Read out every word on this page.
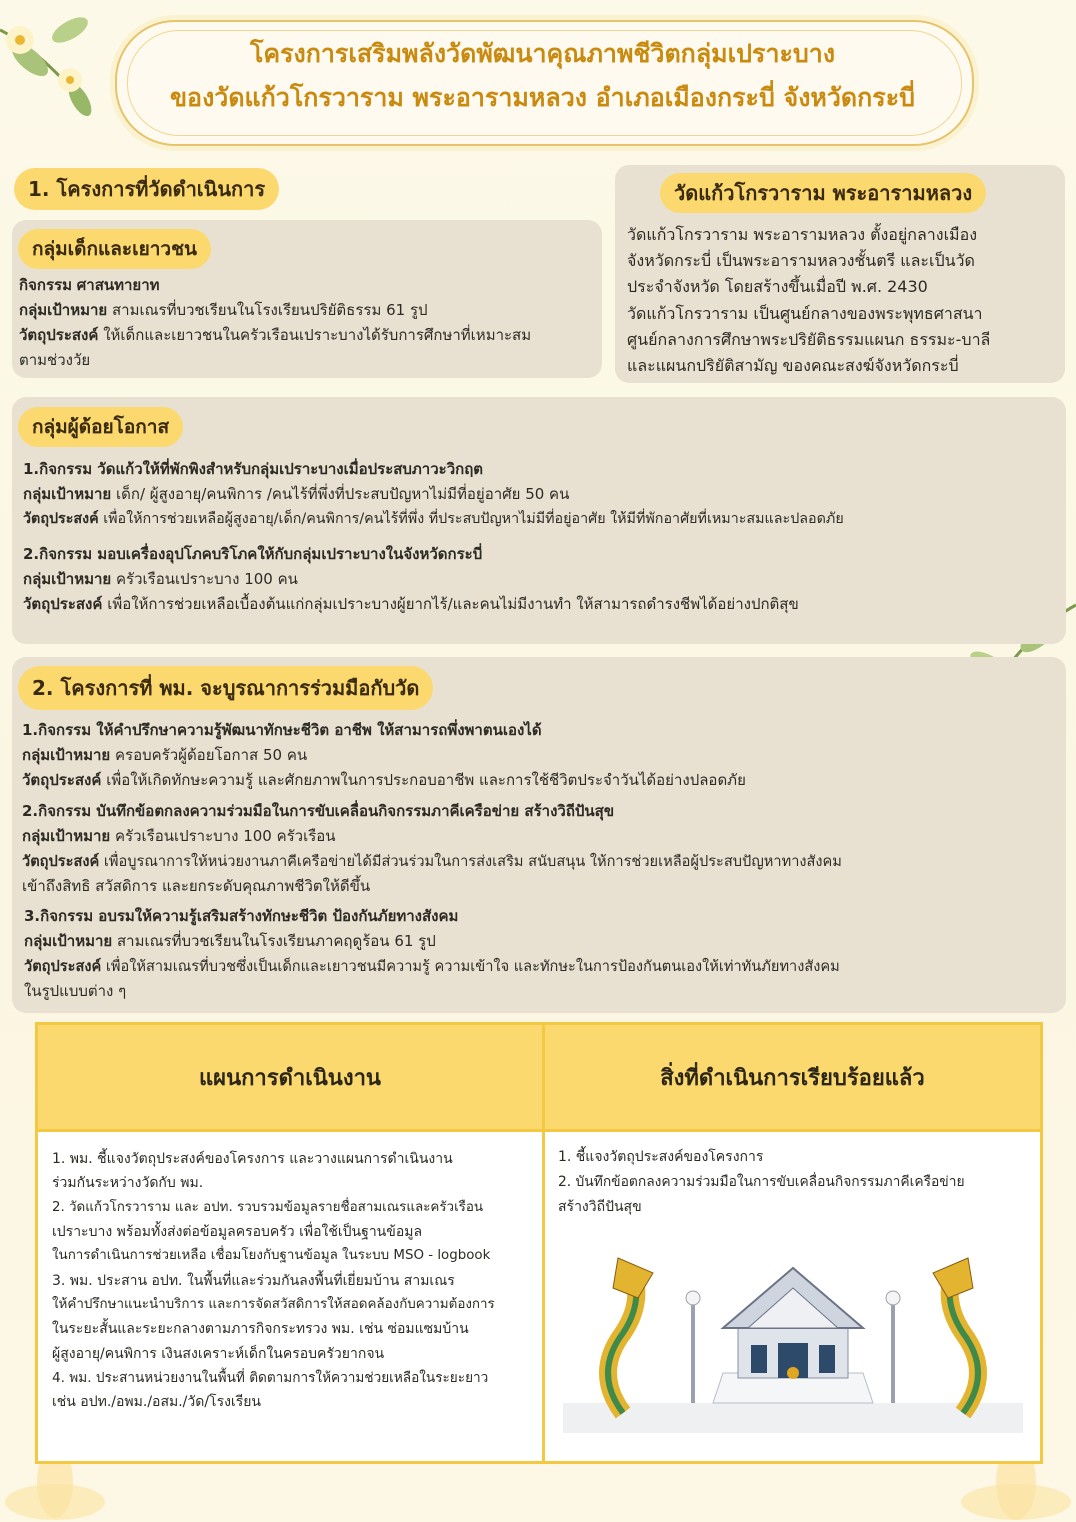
โครงการเสริมพลังวัดพัฒนาคุณภาพชีวิตกลุ่มเปราะบาง
ของวัดแก้วโกรวาราม พระอารามหลวง อำเภอเมืองกระบี่ จังหวัดกระบี่
1. โครงการที่วัดดำเนินการ
กลุ่มเด็กและเยาวชน
กิจกรรม ศาสนทายาท
กลุ่มเป้าหมาย สามเณรที่บวชเรียนในโรงเรียนปริยัติธรรม 61 รูป
วัตถุประสงค์ ให้เด็กและเยาวชนในครัวเรือนเปราะบางได้รับการศึกษาที่เหมาะสม
ตามช่วงวัย
วัดแก้วโกรวาราม พระอารามหลวง
วัดแก้วโกรวาราม พระอารามหลวง ตั้งอยู่กลางเมือง
จังหวัดกระบี่ เป็นพระอารามหลวงชั้นตรี และเป็นวัด
ประจำจังหวัด โดยสร้างขึ้นเมื่อปี พ.ศ. 2430
วัดแก้วโกรวาราม เป็นศูนย์กลางของพระพุทธศาสนา
ศูนย์กลางการศึกษาพระปริยัติธรรมแผนก ธรรมะ-บาลี
และแผนกปริยัติสามัญ ของคณะสงฆ์จังหวัดกระบี่
กลุ่มผู้ด้อยโอกาส
1.กิจกรรม วัดแก้วให้ที่พักพิงสำหรับกลุ่มเปราะบางเมื่อประสบภาวะวิกฤต
กลุ่มเป้าหมาย เด็ก/ ผู้สูงอายุ/คนพิการ /คนไร้ที่พึ่งที่ประสบปัญหาไม่มีที่อยู่อาศัย 50 คน
วัตถุประสงค์ เพื่อให้การช่วยเหลือผู้สูงอายุ/เด็ก/คนพิการ/คนไร้ที่พึ่ง ที่ประสบปัญหาไม่มีที่อยู่อาศัย ให้มีที่พักอาศัยที่เหมาะสมและปลอดภัย
2.กิจกรรม มอบเครื่องอุปโภคบริโภคให้กับกลุ่มเปราะบางในจังหวัดกระบี่
กลุ่มเป้าหมาย ครัวเรือนเปราะบาง 100 คน
วัตถุประสงค์ เพื่อให้การช่วยเหลือเบื้องต้นแก่กลุ่มเปราะบางผู้ยากไร้/และคนไม่มีงานทำ ให้สามารถดำรงชีพได้อย่างปกติสุข
2. โครงการที่ พม. จะบูรณาการร่วมมือกับวัด
1.กิจกรรม ให้คำปรึกษาความรู้พัฒนาทักษะชีวิต อาชีพ ให้สามารถพึ่งพาตนเองได้
กลุ่มเป้าหมาย ครอบครัวผู้ด้อยโอกาส 50 คน
วัตถุประสงค์ เพื่อให้เกิดทักษะความรู้ และศักยภาพในการประกอบอาชีพ และการใช้ชีวิตประจำวันได้อย่างปลอดภัย
2.กิจกรรม บันทึกข้อตกลงความร่วมมือในการขับเคลื่อนกิจกรรมภาคีเครือข่าย สร้างวิถีปันสุข
กลุ่มเป้าหมาย ครัวเรือนเปราะบาง 100 ครัวเรือน
วัตถุประสงค์ เพื่อบูรณาการให้หน่วยงานภาคีเครือข่ายได้มีส่วนร่วมในการส่งเสริม สนับสนุน ให้การช่วยเหลือผู้ประสบปัญหาทางสังคม
เข้าถึงสิทธิ สวัสดิการ และยกระดับคุณภาพชีวิตให้ดีขึ้น
3.กิจกรรม อบรมให้ความรู้เสริมสร้างทักษะชีวิต ป้องกันภัยทางสังคม
กลุ่มเป้าหมาย สามเณรที่บวชเรียนในโรงเรียนภาคฤดูร้อน 61 รูป
วัตถุประสงค์ เพื่อให้สามเณรที่บวชซึ่งเป็นเด็กและเยาวชนมีความรู้ ความเข้าใจ และทักษะในการป้องกันตนเองให้เท่าทันภัยทางสังคม
ในรูปแบบต่าง ๆ
แผนการดำเนินงาน	สิ่งที่ดำเนินการเรียบร้อยแล้ว
1. พม. ชี้แจงวัตถุประสงค์ของโครงการ และวางแผนการดำเนินงาน
ร่วมกันระหว่างวัดกับ พม.
2. วัดแก้วโกรวาราม และ อปท. รวบรวมข้อมูลรายชื่อสามเณรและครัวเรือน
เปราะบาง พร้อมทั้งส่งต่อข้อมูลครอบครัว เพื่อใช้เป็นฐานข้อมูล
ในการดำเนินการช่วยเหลือ เชื่อมโยงกับฐานข้อมูล ในระบบ MSO - logbook
3. พม. ประสาน อปท. ในพื้นที่และร่วมกันลงพื้นที่เยี่ยมบ้าน สามเณร
ให้คำปรึกษาแนะนำบริการ และการจัดสวัสดิการให้สอดคล้องกับความต้องการ
ในระยะสั้นและระยะกลางตามภารกิจกระทรวง พม. เช่น ซ่อมแซมบ้าน
ผู้สูงอายุ/คนพิการ เงินสงเคราะห์เด็กในครอบครัวยากจน
4. พม. ประสานหน่วยงานในพื้นที่ ติดตามการให้ความช่วยเหลือในระยะยาว
เช่น อปท./อพม./อสม./วัด/โรงเรียน
1. ชี้แจงวัตถุประสงค์ของโครงการ
2. บันทึกข้อตกลงความร่วมมือในการขับเคลื่อนกิจกรรมภาคีเครือข่าย
สร้างวิถีปันสุข
